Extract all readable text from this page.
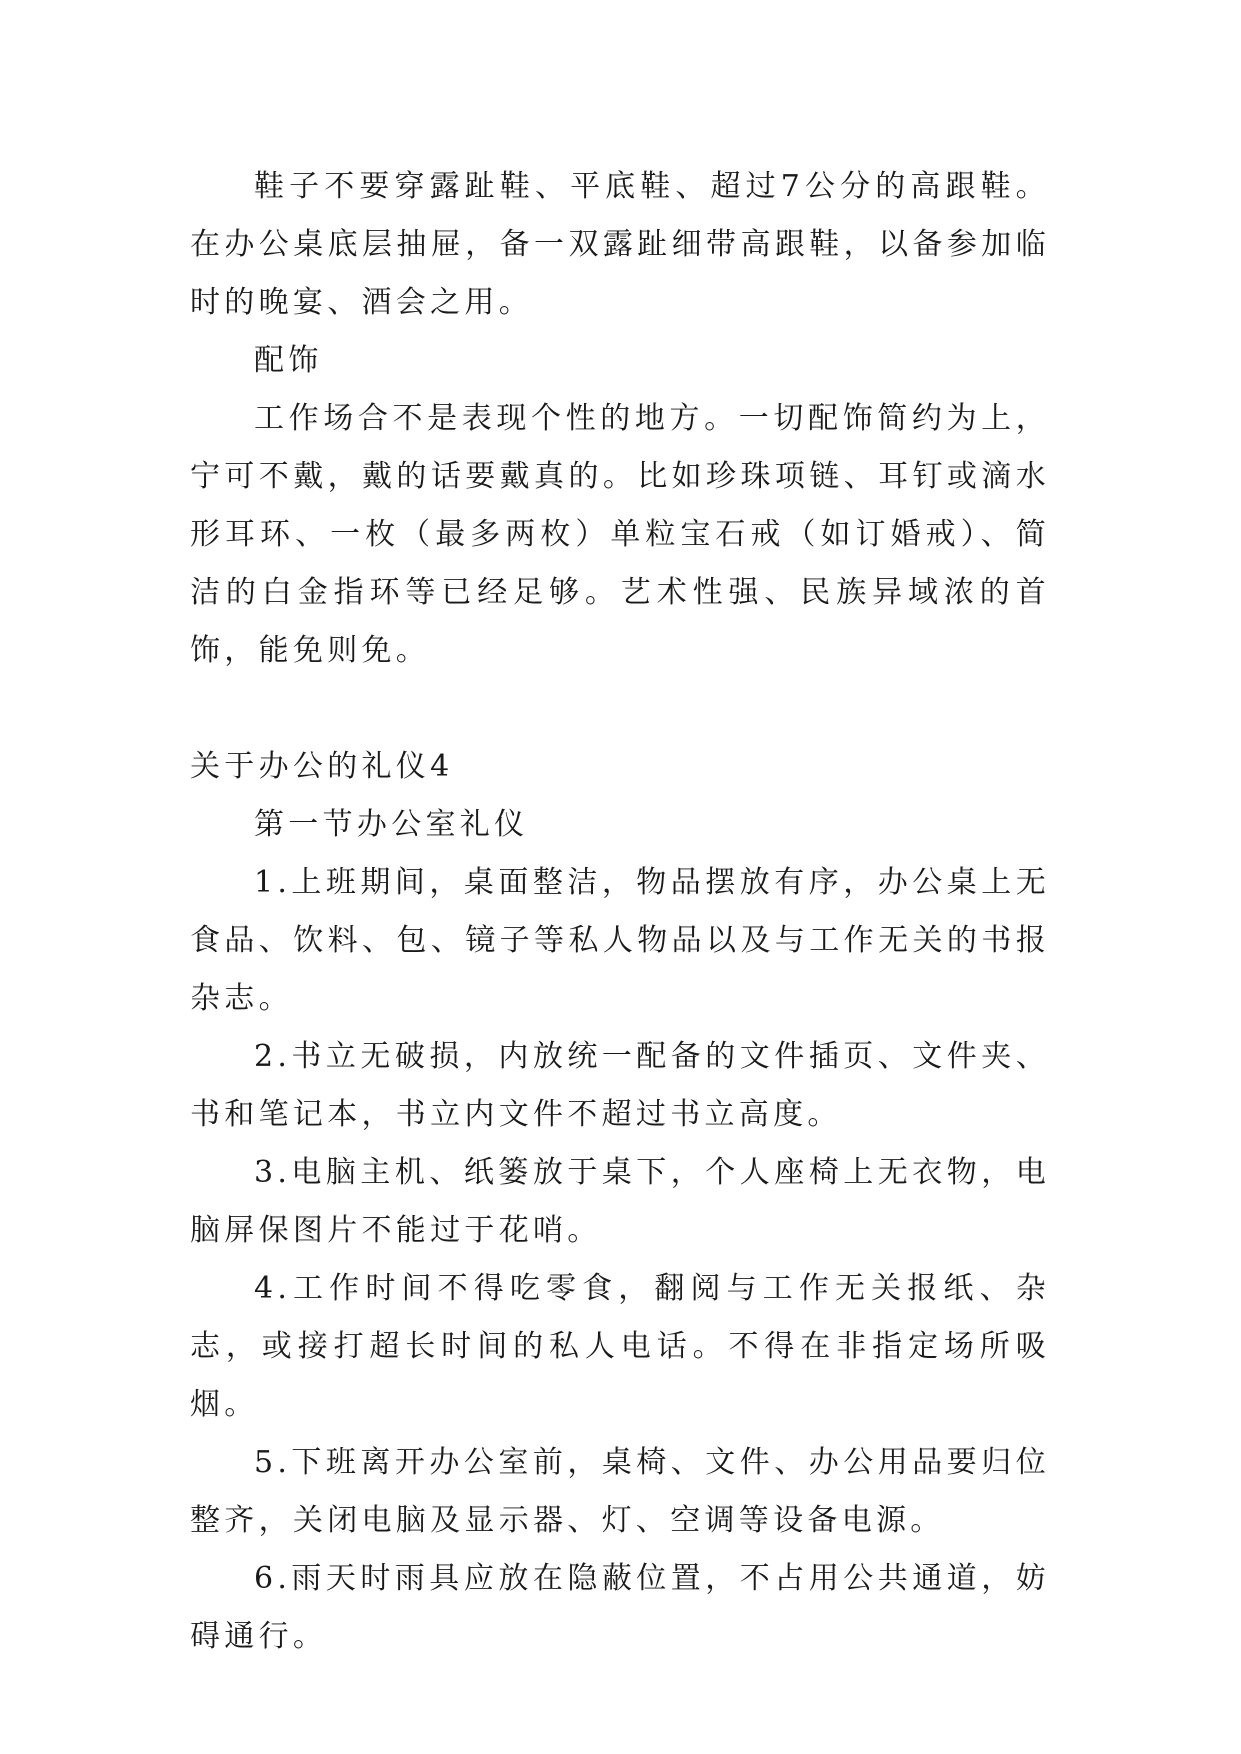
鞋子不要穿露趾鞋、平底鞋、超过7公分的高跟鞋。在办公桌底层抽屉，备一双露趾细带高跟鞋，以备参加临时的晚宴、酒会之用。

配饰

工作场合不是表现个性的地方。一切配饰简约为上，宁可不戴，戴的话要戴真的。比如珍珠项链、耳钉或滴水形耳环、一枚（最多两枚）单粒宝石戒（如订婚戒）、简洁的白金指环等已经足够。艺术性强、民族异域浓的首饰，能免则免。

关于办公的礼仪4

第一节办公室礼仪

1.上班期间，桌面整洁，物品摆放有序，办公桌上无食品、饮料、包、镜子等私人物品以及与工作无关的书报杂志。

2.书立无破损，内放统一配备的文件插页、文件夹、书和笔记本，书立内文件不超过书立高度。

3.电脑主机、纸篓放于桌下，个人座椅上无衣物，电脑屏保图片不能过于花哨。

4.工作时间不得吃零食，翻阅与工作无关报纸、杂志，或接打超长时间的私人电话。不得在非指定场所吸烟。

5.下班离开办公室前，桌椅、文件、办公用品要归位整齐，关闭电脑及显示器、灯、空调等设备电源。

6.雨天时雨具应放在隐蔽位置，不占用公共通道，妨碍通行。
